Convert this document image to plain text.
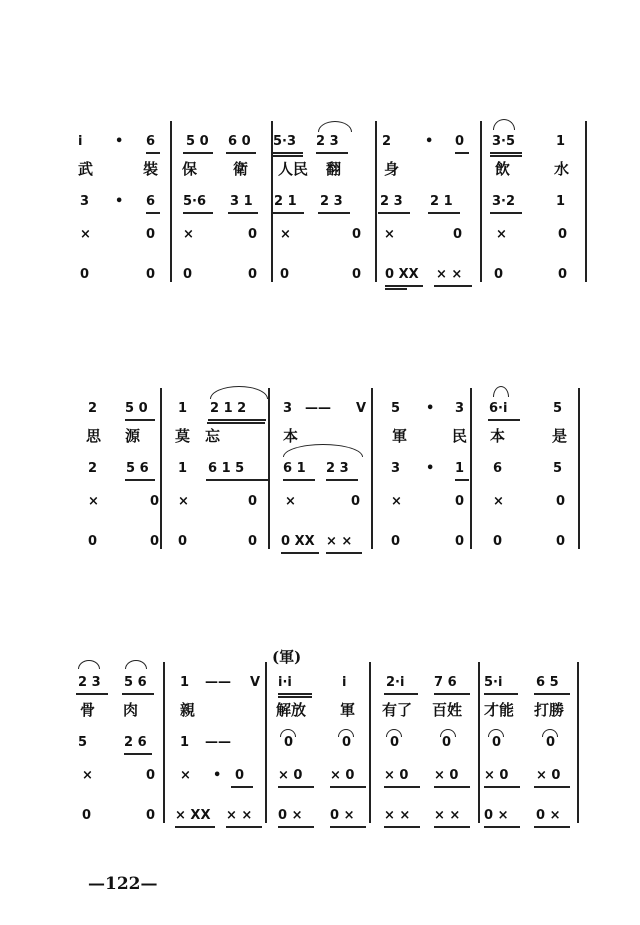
i	• 6 5 0 6 0 5·3 2 3	2	• 0 3·5	1
武	裝 保 衛 人民 翻	身	飲	水
3 • 6 5·6 3 1 2 1 2 3	2 3 2 1	3·2	1
×	0 ×	0 ×	0 ×	0	×	0
0	0 0	0 0	0 0 XX × × 0	0
2 5 0 1 2 1 2	3 —— V 5 • 3 6·i	5
思 源 莫 忘	本	軍	民 本	是
2 5 6 1 6 1 5	6 1 2 3	3 • 1 6	5
×	0 ×	0 ×	0 ×	0 ×	0
0	0 0	0 0 XX × ×	0	0 0	0
2 3 5 6	1 —— V i·i	i	2·i 7 6 5·i	6 5
骨 肉	親	解放 軍 有了 百姓 才能 打勝
5	2 6	1 ——	0	0	0	0	0	0
×	0 × • 0	× 0 × 0 × 0 × 0 × 0 × 0
0	0 × XX × × 0 × 0 × × × × × 0 × 0 ×
(軍)
—122—
